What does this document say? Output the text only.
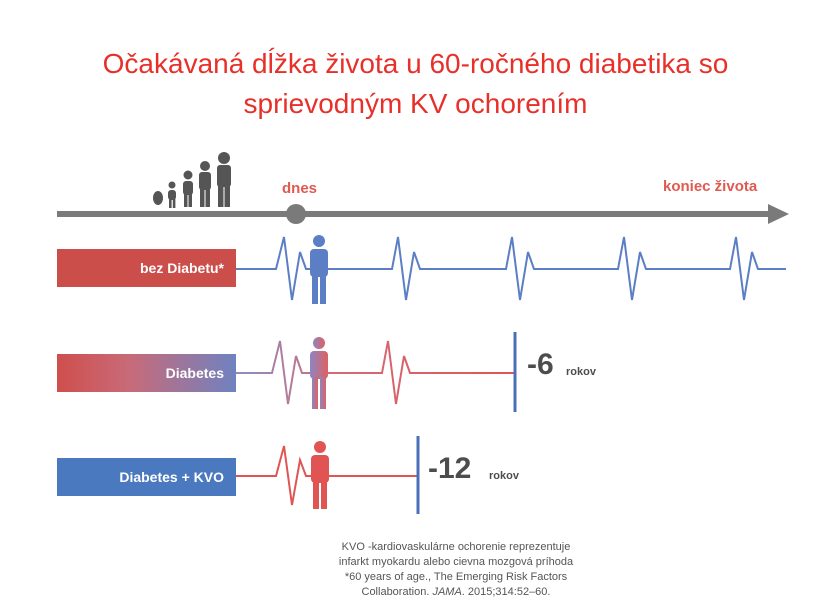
Očakávaná dĺžka života u 60-ročného diabetika so
sprievodným KV ochorením
dnes	koniec života
bez Diabetu*
Diabetes
Diabetes + KVO
-6 rokov
-12 rokov
KVO -kardiovaskulárne ochorenie reprezentuje
infarkt myokardu alebo cievna mozgová príhoda
*60 years of age., The Emerging Risk Factors
Collaboration. JAMA. 2015;314:52–60.
